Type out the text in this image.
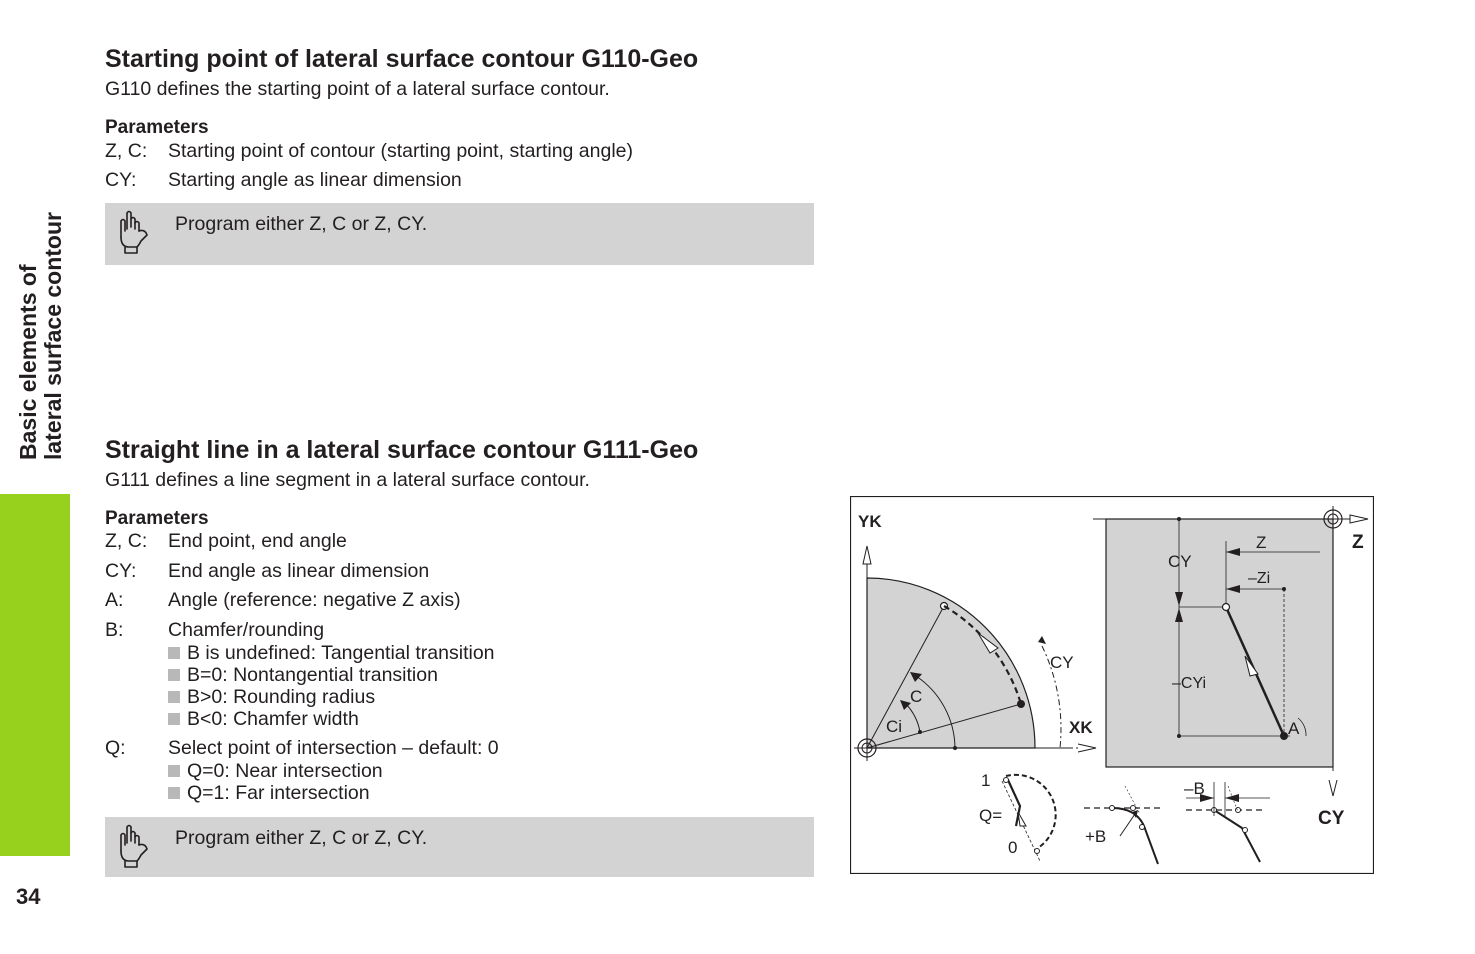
Basic elements of lateral surface contour
34
Starting point of lateral surface contour G110-Geo
G110 defines the starting point of a lateral surface contour.
Parameters
Z, C: Starting point of contour (starting point, starting angle)
CY: Starting angle as linear dimension
Program either Z, C or Z, CY.
Straight line in a lateral surface contour G111-Geo
G111 defines a line segment in a lateral surface contour.
Parameters
Z, C: End point, end angle
CY: End angle as linear dimension
A: Angle (reference: negative Z axis)
B: Chamfer/rounding
B is undefined: Tangential transition
B=0: Nontangential transition
B>0: Rounding radius
B<0: Chamfer width
Q: Select point of intersection – default: 0
Q=0: Near intersection
Q=1: Far intersection
Program either Z, C or Z, CY.
YK
XK
Z
CY
C
Ci
CY
Z
–Zi
CY
–CYi
A
1
0
Q=
+B
–B
